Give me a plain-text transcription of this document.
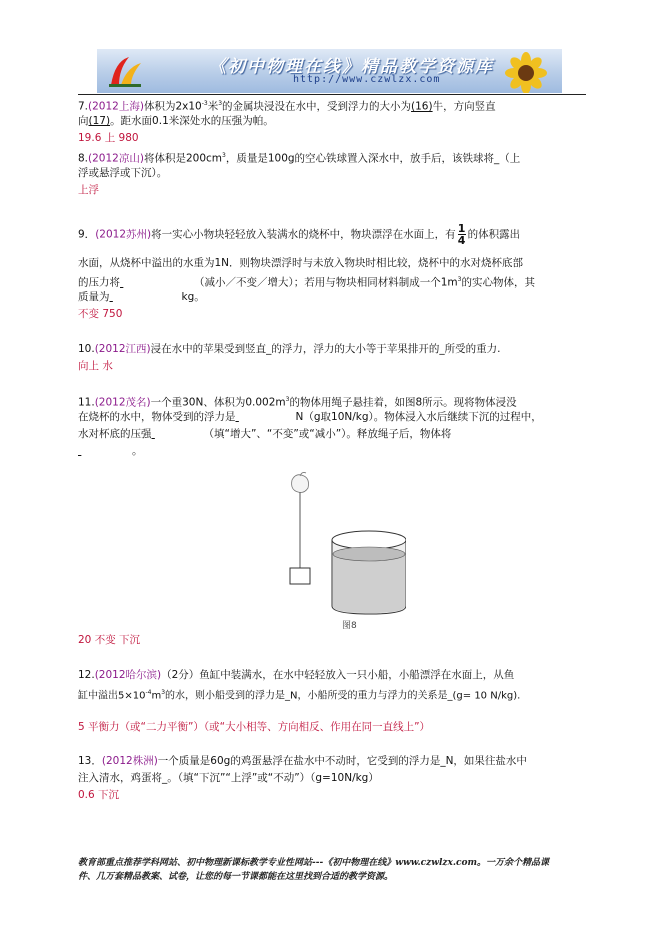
《初中物理在线》精品教学资源库
http://www.czwlzx.com
7.(2012上海)体积为$2x10^{-3}$米$^3$的金属块浸没在水中，受到浮力的大小为(16)牛，方向竖直
向(17)。距水面0.1米深处水的压强为帕。
19.6 上 980
8.(2012凉山)将体积是$200cm^3$，质量是100g的空心铁球置入深水中，放手后，该铁球将_（上
浮或悬浮或下沉）。
上浮
9．(2012苏州)将一实心小物块轻轻放入装满水的烧杯中，物块漂浮在水面上，有 $\frac{1}{4}$ 的体积露出
水面，从烧杯中溢出的水重为1N．则物块漂浮时与未放入物块时相比较，烧杯中的水对烧杯底部
的压力将	（减小／不变／增大）；若用与物块相同材料制成一个$1m^3$的实心物体，其
质量为	kg。
不变 750
10.(2012江西)浸在水中的苹果受到竖直_的浮力，浮力的大小等于苹果排开的_所受的重力.
向上 水
11.(2012茂名)一个重30N、体积为$0.002m^3$的物体用绳子悬挂着，如图8所示。现将物体浸没
在烧杯的水中，物体受到的浮力是	N（g取10N/kg）。物体浸入水后继续下沉的过程中，
水对杯底的压强	（填“增大”、“不变”或“减小”）。释放绳子后，物体将
。
图8
20 不变 下沉
12.(2012哈尔滨)（2分）鱼缸中装满水，在水中轻轻放入一只小船，小船漂浮在水面上，从鱼
缸中溢出$5\times 10^{-4}m^3$的水，则小船受到的浮力是_N，小船所受的重力与浮力的关系是_(g= 10 N/kg).
5 平衡力（或“二力平衡”）（或“大小相等、方向相反、作用在同一直线上”）
13．(2012株洲)一个质量是60g的鸡蛋悬浮在盐水中不动时，它受到的浮力是_N，如果往盐水中
注入清水，鸡蛋将_。（填“下沉”“上浮”或“不动”）（g=10N/kg）
0.6 下沉
教育部重点推荐学科网站、初中物理新课标教学专业性网站---《初中物理在线》www.czwlzx.com。一万余个精品课
件、几万套精品教案、试卷，让您的每一节课都能在这里找到合适的教学资源。
